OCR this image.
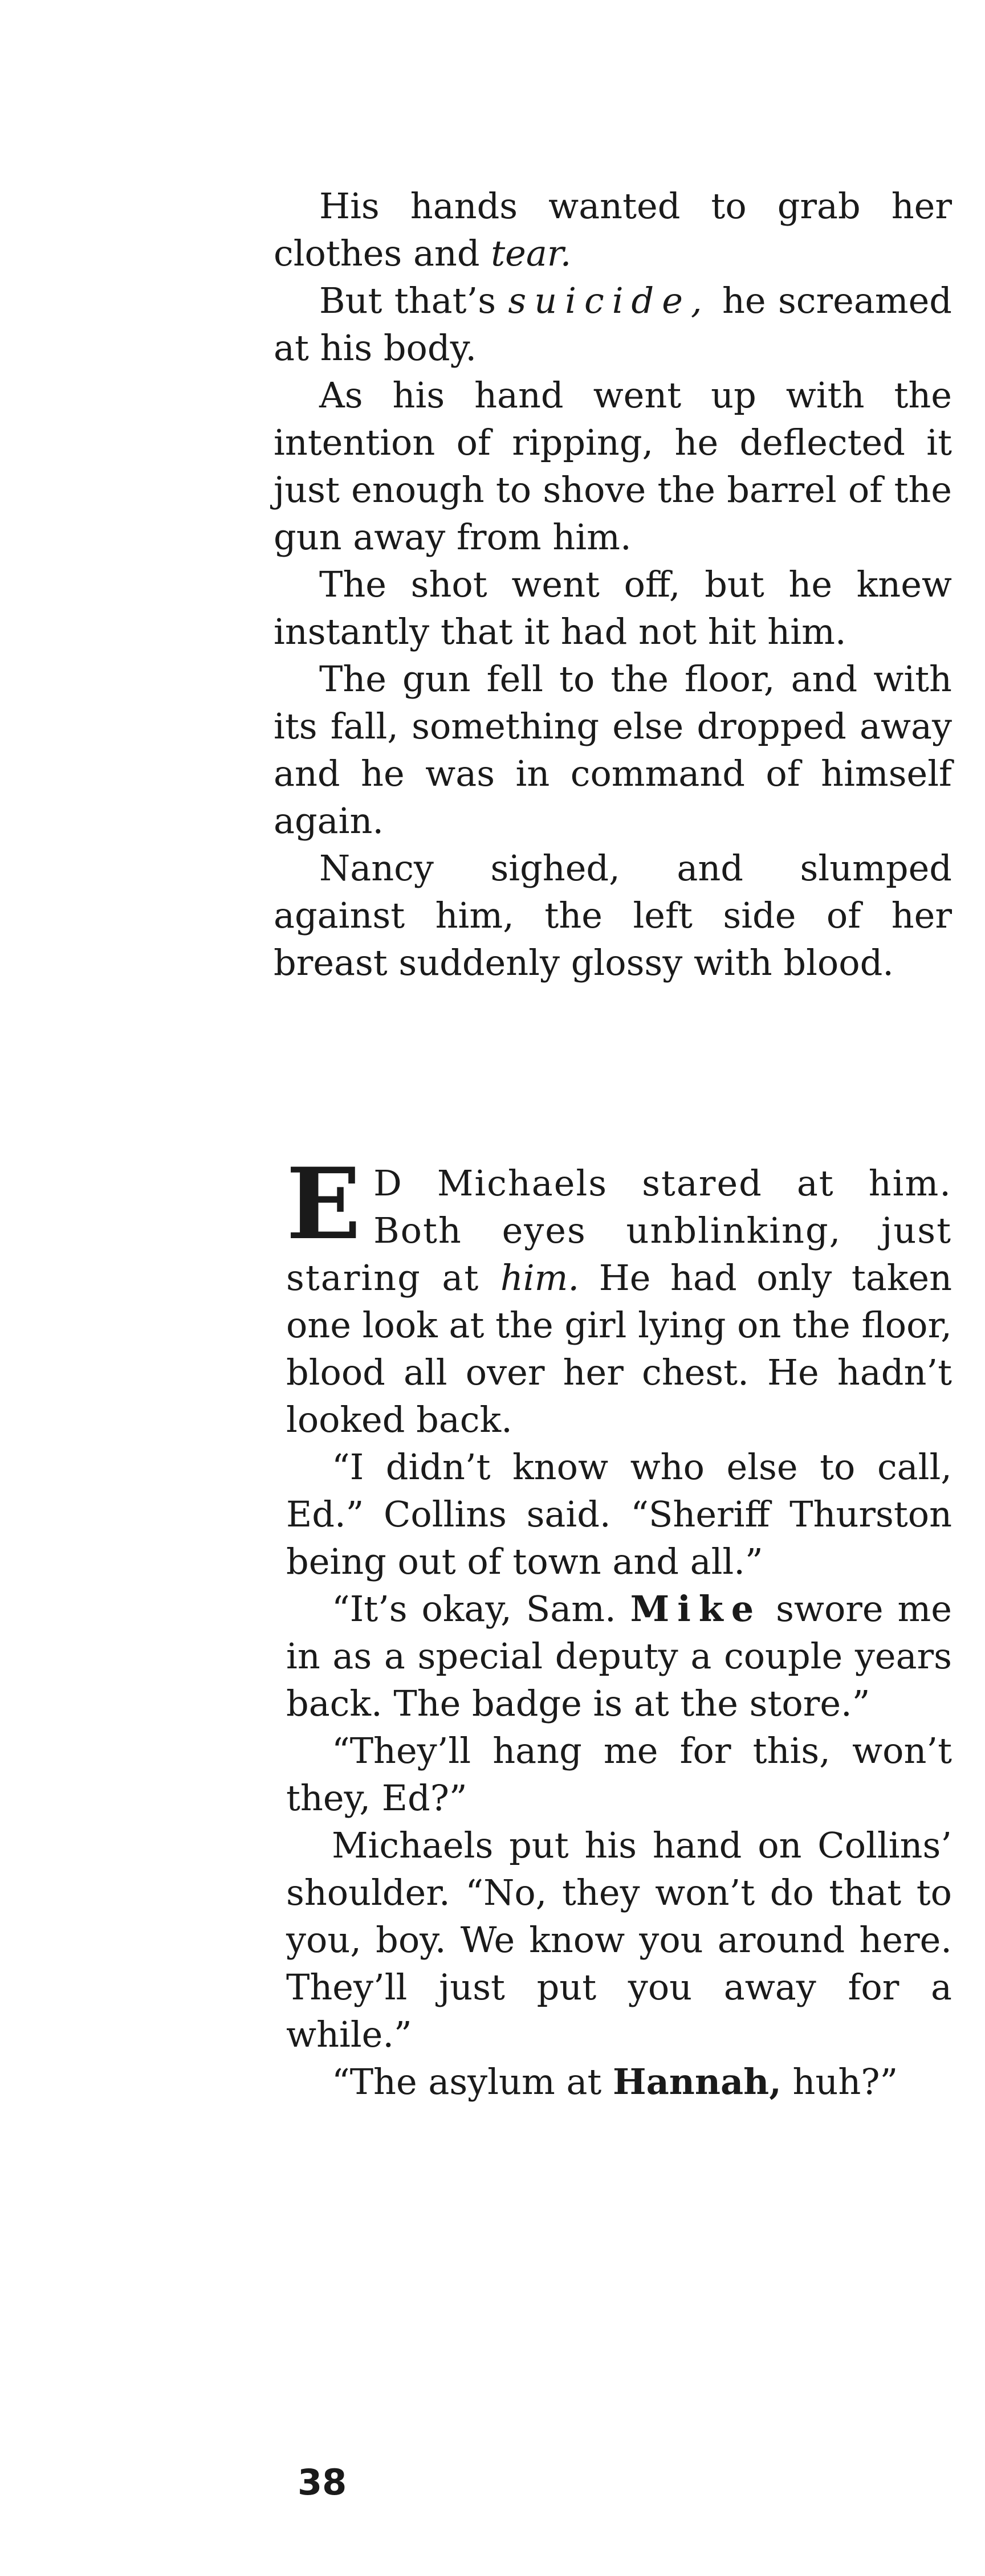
His hands wanted to grab her clothes and tear.

But that’s suicide, he screamed at his body.

As his hand went up with the intention of ripping, he deflected it just enough to shove the barrel of the gun away from him.

The shot went off, but he knew instantly that it had not hit him.

The gun fell to the floor, and with its fall, something else dropped away and he was in command of himself again.

Nancy sighed, and slumped against him, the left side of her breast suddenly glossy with blood.

E D Michaels stared at him. Both eyes unblinking, just staring at him. He had only taken one look at the girl lying on the floor, blood all over her chest. He hadn’t looked back.

“I didn’t know who else to call, Ed.” Collins said. “Sheriff Thurston being out of town and all.”

“It’s okay, Sam. Mike swore me in as a special deputy a couple years back. The badge is at the store.”

“They’ll hang me for this, won’t they, Ed?”

Michaels put his hand on Collins’ shoulder. “No, they won’t do that to you, boy. We know you around here. They’ll just put you away for a while.”

“The asylum at Hannah, huh?”

38
